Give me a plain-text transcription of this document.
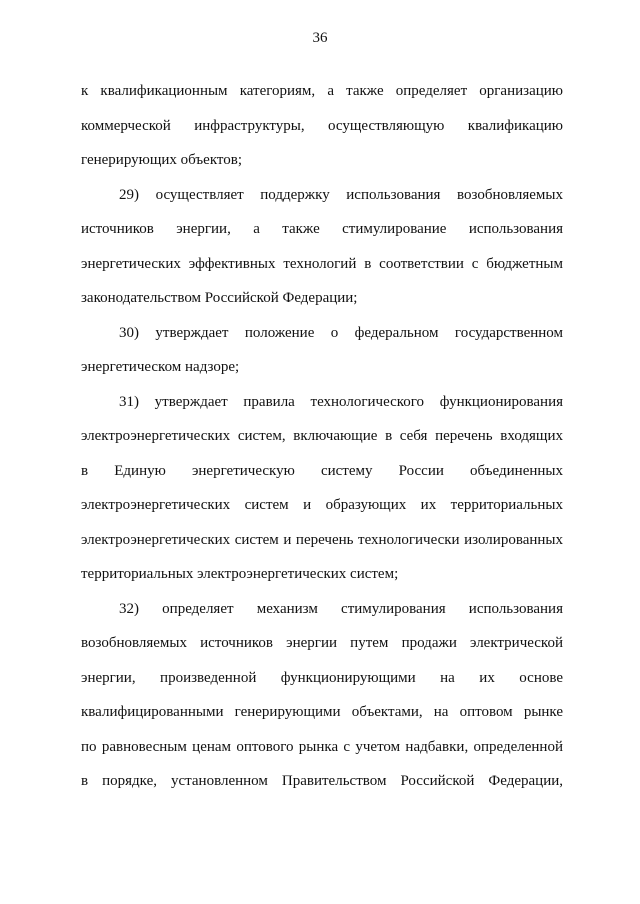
36
к квалификационным категориям, а также определяет организацию
коммерческой инфраструктуры, осуществляющую квалификацию
генерирующих объектов;
29) осуществляет поддержку использования возобновляемых
источников энергии, а также стимулирование использования
энергетических эффективных технологий в соответствии с бюджетным
законодательством Российской Федерации;
30) утверждает положение о федеральном государственном
энергетическом надзоре;
31) утверждает правила технологического функционирования
электроэнергетических систем, включающие в себя перечень входящих
в Единую энергетическую систему России объединенных
электроэнергетических систем и образующих их территориальных
электроэнергетических систем и перечень технологически изолированных
территориальных электроэнергетических систем;
32) определяет механизм стимулирования использования
возобновляемых источников энергии путем продажи электрической
энергии, произведенной функционирующими на их основе
квалифицированными генерирующими объектами, на оптовом рынке
по равновесным ценам оптового рынка с учетом надбавки, определенной
в порядке, установленном Правительством Российской Федерации,
